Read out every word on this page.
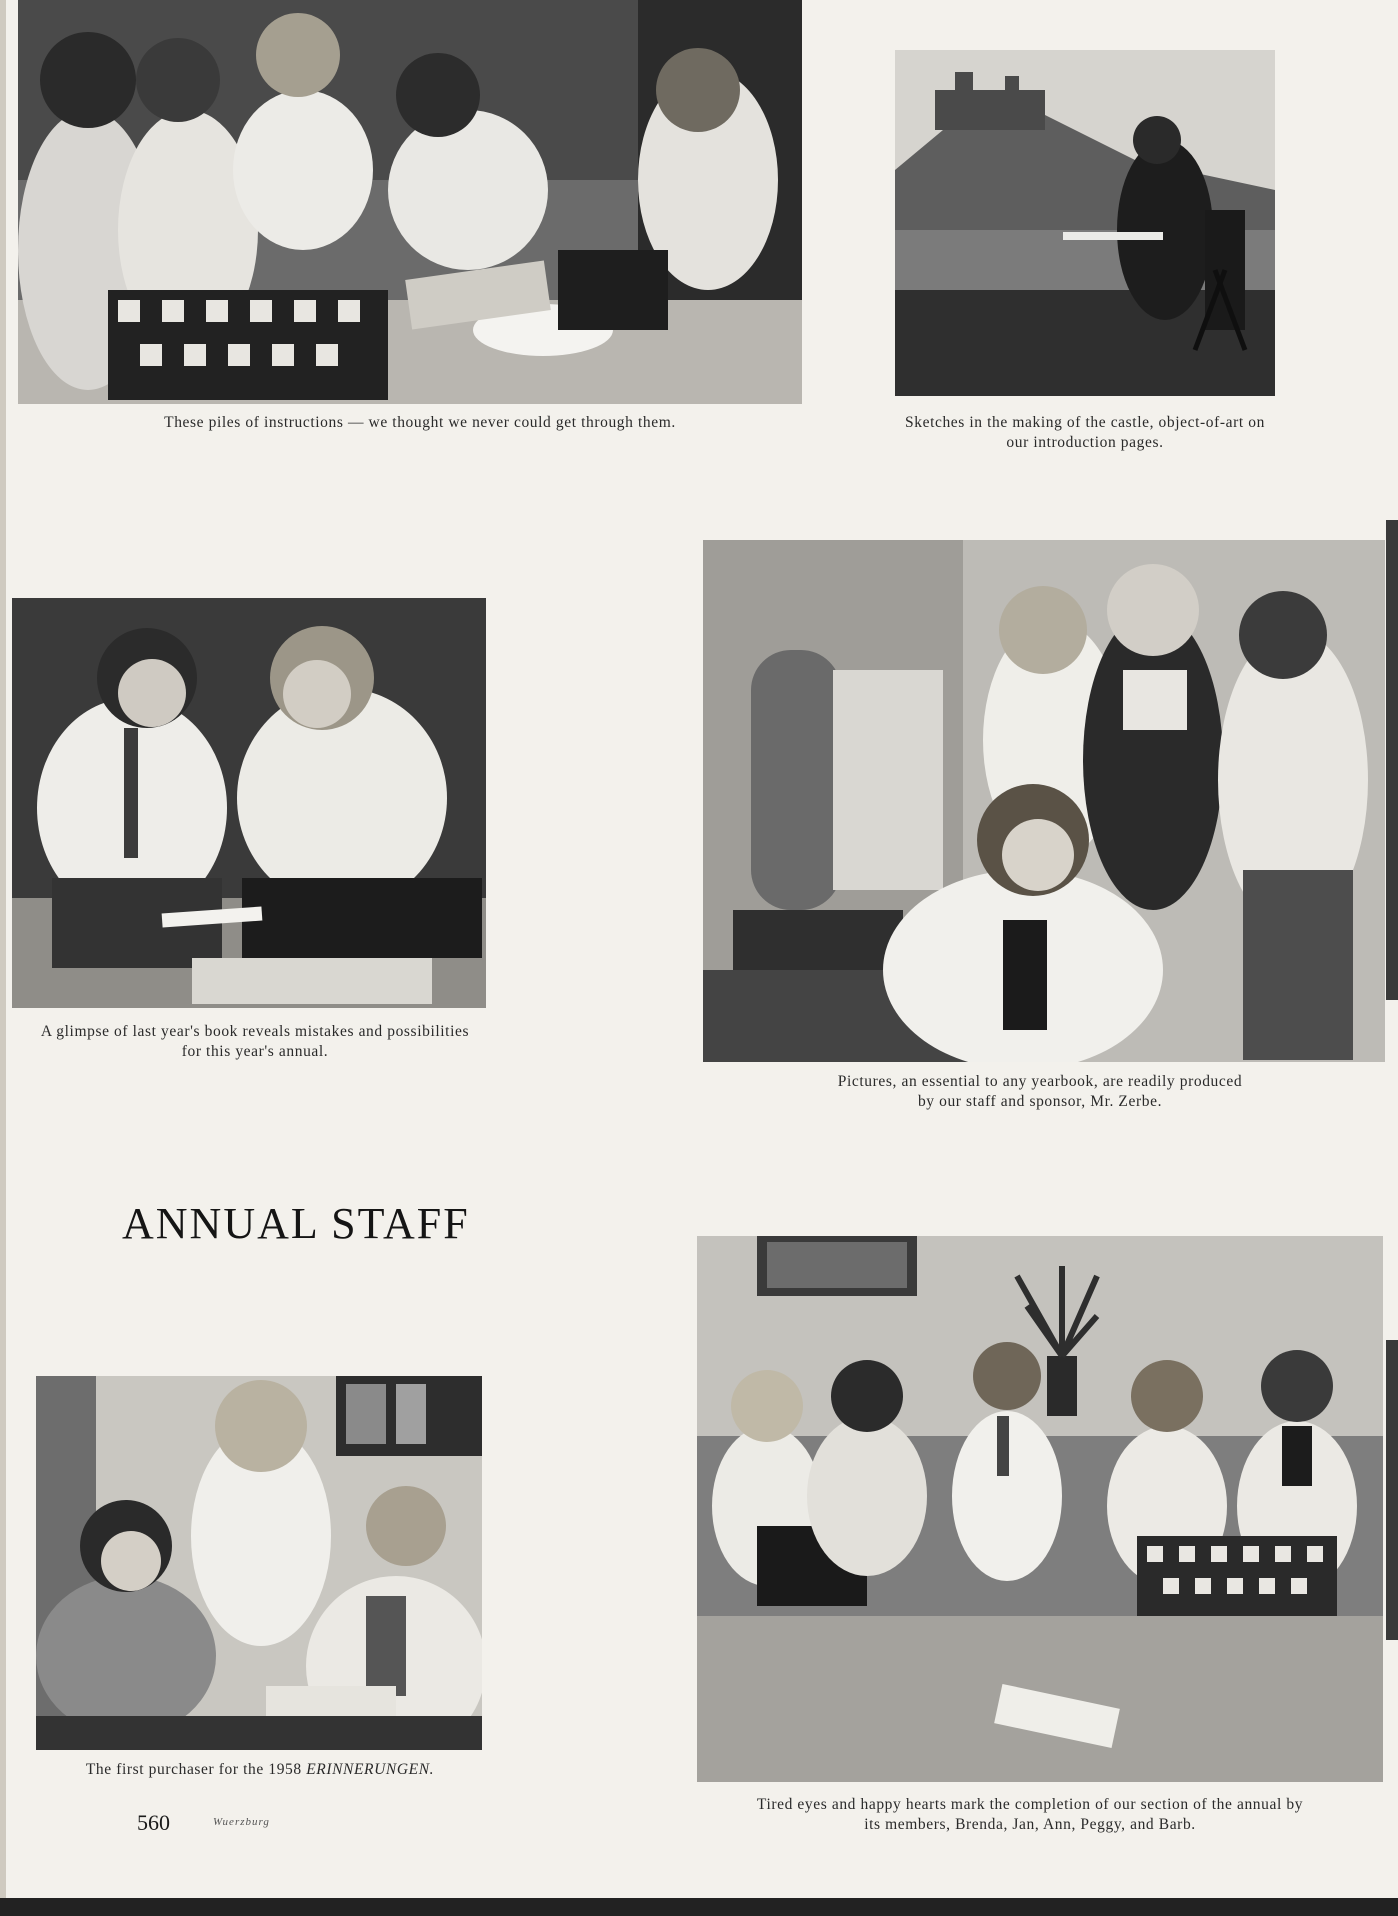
These piles of instructions — we thought we never could get through them.	Sketches in the making of the castle, object-of-art on our introduction pages.
A glimpse of last year's book reveals mistakes and possibilities for this year's annual.
Pictures, an essential to any yearbook, are readily produced by our staff and sponsor, Mr. Zerbe.
ANNUAL STAFF
The first purchaser for the 1958 ERINNERUNGEN.
Tired eyes and happy hearts mark the completion of our section of the annual by its members, Brenda, Jan, Ann, Peggy, and Barb.
560	Wuerzburg
